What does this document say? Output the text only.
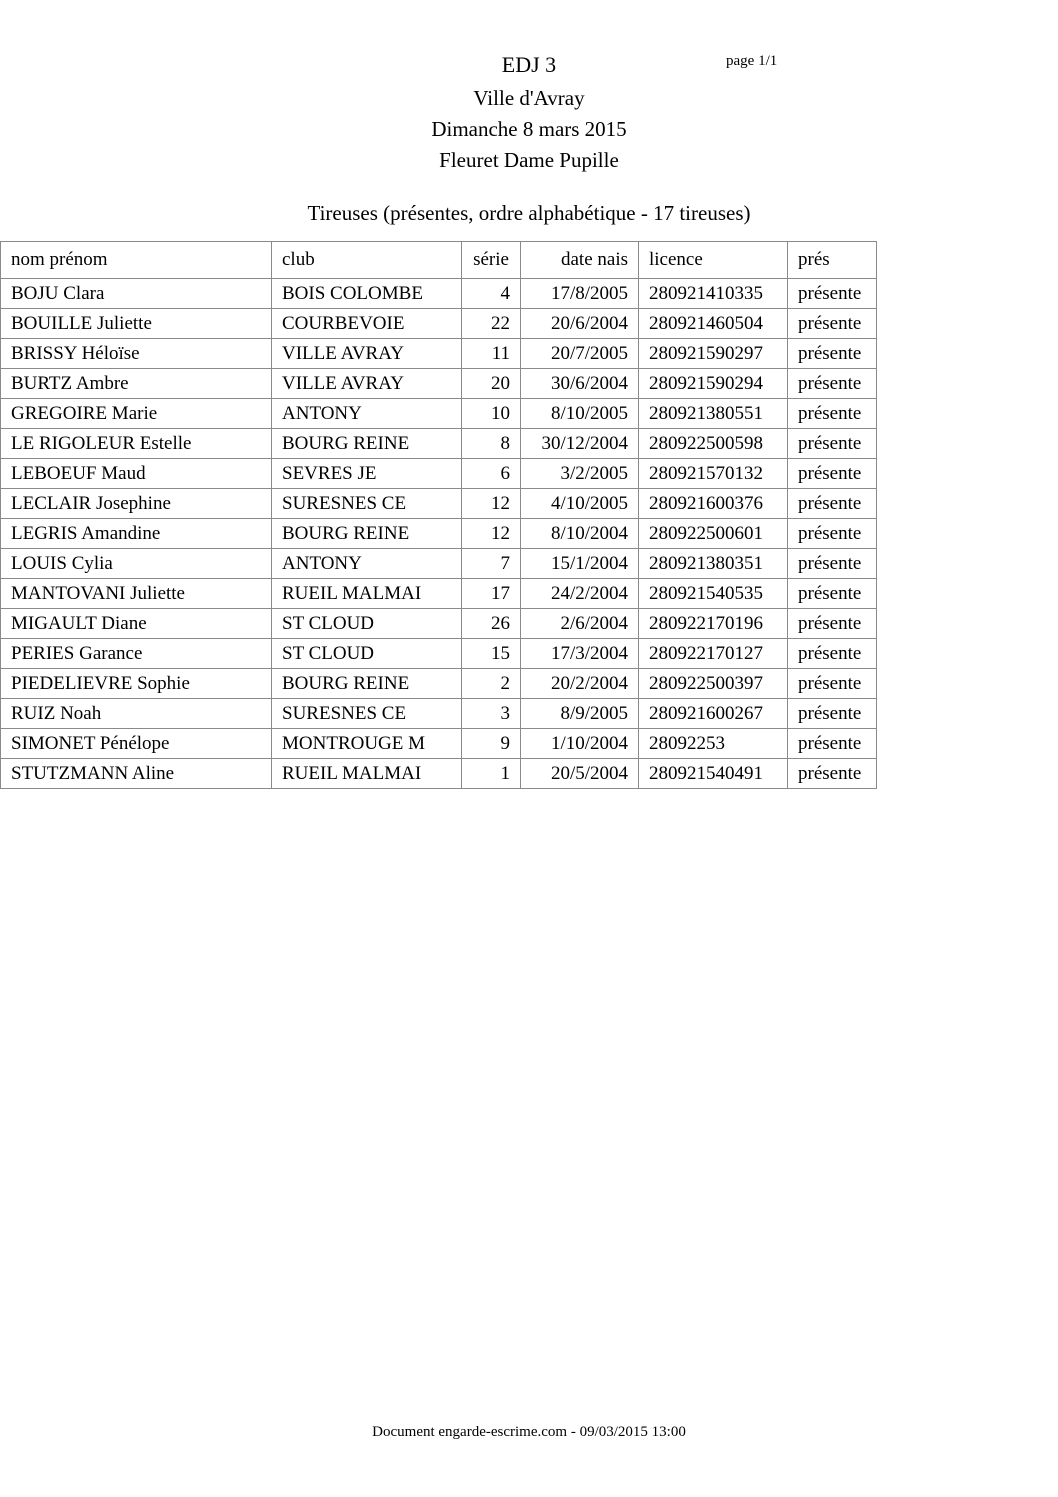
EDJ 3	page 1/1
Ville d'Avray
Dimanche 8 mars 2015
Fleuret Dame Pupille
Tireuses (présentes, ordre alphabétique - 17 tireuses)
nom prénom	club	série	date nais	licence	prés
BOJU Clara	BOIS COLOMBE	4	17/8/2005	280921410335	présente
BOUILLE Juliette	COURBEVOIE	22	20/6/2004	280921460504	présente
BRISSY Héloïse	VILLE AVRAY	11	20/7/2005	280921590297	présente
BURTZ Ambre	VILLE AVRAY	20	30/6/2004	280921590294	présente
GREGOIRE Marie	ANTONY	10	8/10/2005	280921380551	présente
LE RIGOLEUR Estelle	BOURG REINE	8	30/12/2004	280922500598	présente
LEBOEUF Maud	SEVRES JE	6	3/2/2005	280921570132	présente
LECLAIR Josephine	SURESNES CE	12	4/10/2005	280921600376	présente
LEGRIS Amandine	BOURG REINE	12	8/10/2004	280922500601	présente
LOUIS Cylia	ANTONY	7	15/1/2004	280921380351	présente
MANTOVANI Juliette	RUEIL MALMAI	17	24/2/2004	280921540535	présente
MIGAULT Diane	ST CLOUD	26	2/6/2004	280922170196	présente
PERIES Garance	ST CLOUD	15	17/3/2004	280922170127	présente
PIEDELIEVRE Sophie	BOURG REINE	2	20/2/2004	280922500397	présente
RUIZ Noah	SURESNES CE	3	8/9/2005	280921600267	présente
SIMONET Pénélope	MONTROUGE M	9	1/10/2004	28092253	présente
STUTZMANN Aline	RUEIL MALMAI	1	20/5/2004	280921540491	présente
Document engarde-escrime.com - 09/03/2015 13:00
